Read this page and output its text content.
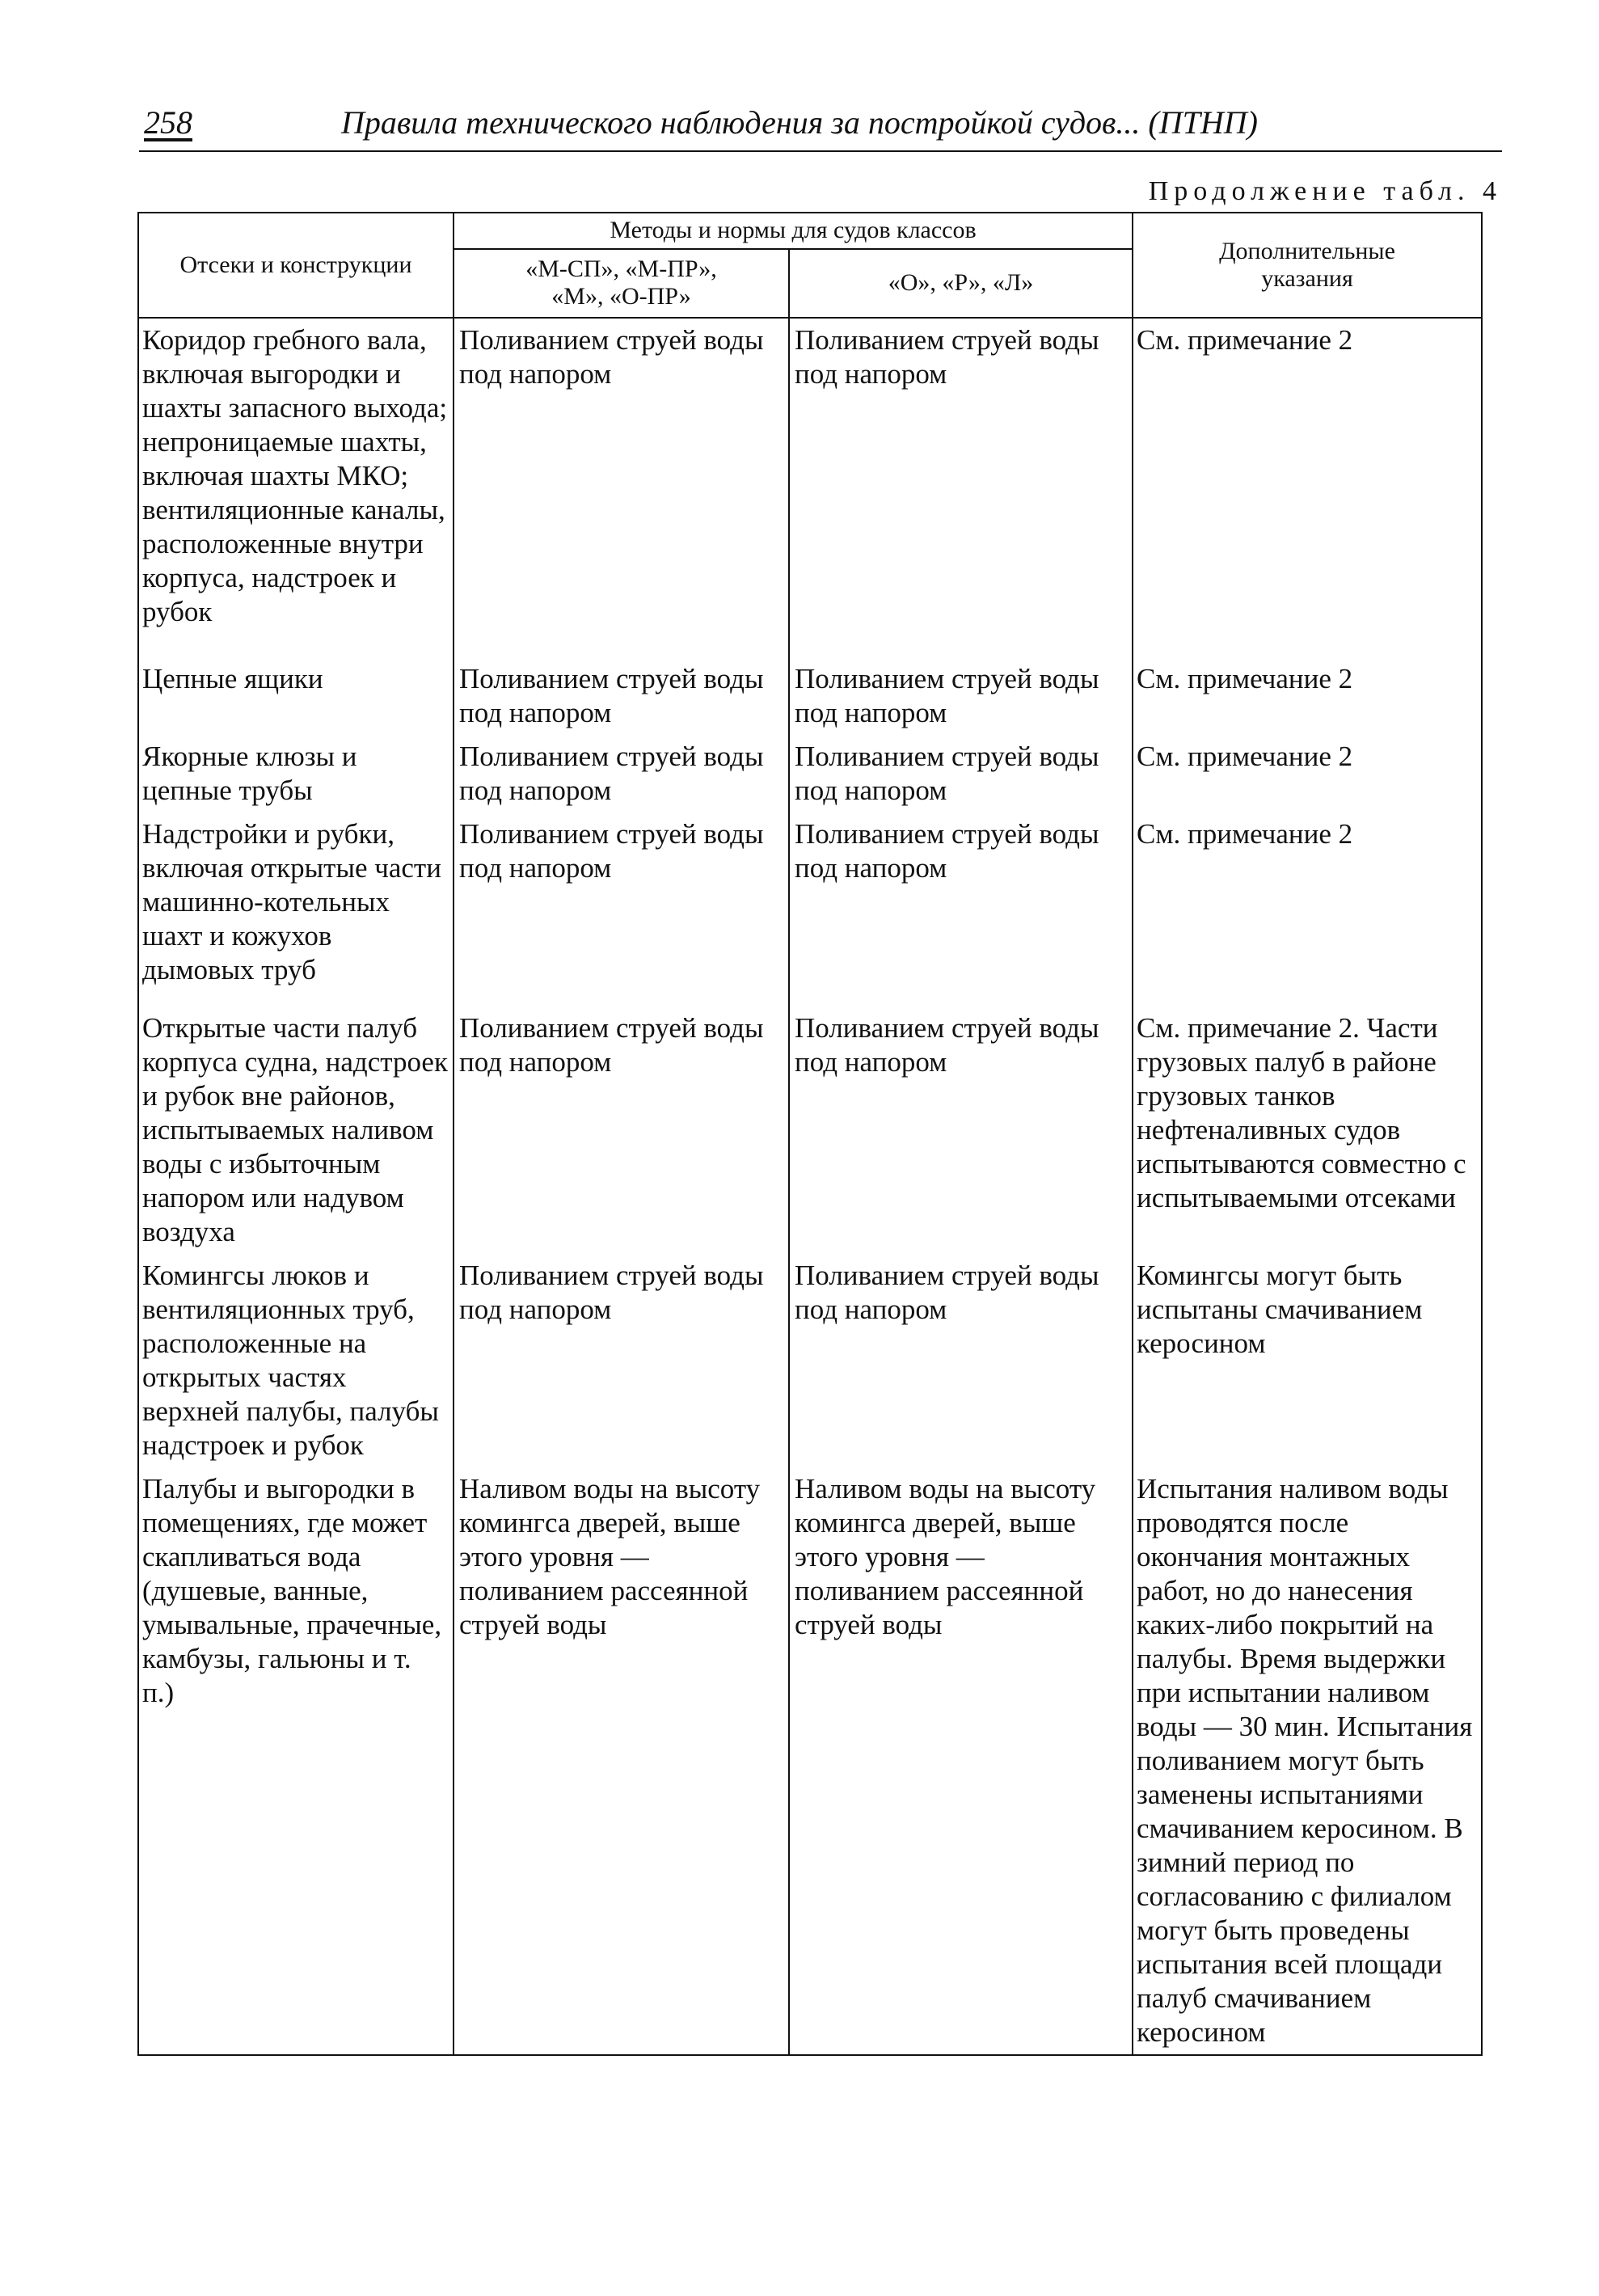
258	Правила технического наблюдения за постройкой судов... (ПТНП)
Продолжение табл. 4
Отсеки и конструкции	Методы и нормы для судов классов		Дополнительные указания

	«М-СП», «М-ПР», «М», «О-ПР»	«О», «Р», «Л»	

Коридор гребного вала, включая выгородки и шахты запасного выхода; непроницаемые шахты, включая шахты МКО; вентиляционные каналы, расположенные внутри корпуса, надстроек и рубок	Поливанием струей воды под напором	Поливанием струей воды под напором	См. примечание 2

Цепные ящики	Поливанием струей воды под напором	Поливанием струей воды под напором	См. примечание 2

Якорные клюзы и цепные трубы	Поливанием струей воды под напором	Поливанием струей воды под напором	См. примечание 2

Надстройки и рубки, включая открытые части машинно-котельных шахт и кожухов дымовых труб	Поливанием струей воды под напором	Поливанием струей воды под напором	См. примечание 2

Открытые части палуб корпуса судна, надстроек и рубок вне районов, испытываемых наливом воды с избыточным напором или надувом воздуха	Поливанием струей воды под напором	Поливанием струей воды под напором	См. примечание 2. Части грузовых палуб в районе грузовых танков нефтеналивных судов испытываются совместно с испытываемыми отсеками

Комингсы люков и вентиляционных труб, расположенные на открытых частях верхней палубы, палубы надстроек и рубок	Поливанием струей воды под напором	Поливанием струей воды под напором	Комингсы могут быть испытаны смачиванием керосином

Палубы и выгородки в помещениях, где может скапливаться вода (душевые, ванные, умывальные, прачечные, камбузы, гальюны и т. п.)	Наливом воды на высоту комингса дверей, выше этого уровня — поливанием рассеянной струей воды	Наливом воды на высоту комингса дверей, выше этого уровня — поливанием рассеянной струей воды	Испытания наливом воды проводятся после окончания монтажных работ, но до нанесения каких-либо покрытий на палубы. Время выдержки при испытании наливом воды — 30 мин. Испытания поливанием могут быть заменены испытаниями смачиванием керосином. В зимний период по согласованию с филиалом могут быть проведены испытания всей площади палуб смачиванием керосином
